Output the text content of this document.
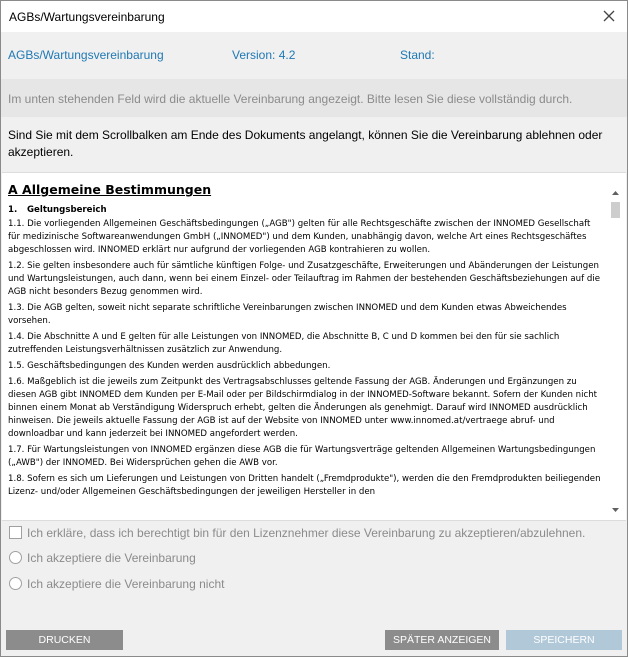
AGBs/Wartungsvereinbarung
AGBs/Wartungsvereinbarung	Version: 4.2	Stand:
Im unten stehenden Feld wird die aktuelle Vereinbarung angezeigt. Bitte lesen Sie diese vollständig durch.
Sind Sie mit dem Scrollbalken am Ende des Dokuments angelangt, können Sie die Vereinbarung ablehnen oder akzeptieren.
A Allgemeine Bestimmungen
1. Geltungsbereich

1.1. Die vorliegenden Allgemeinen Geschäftsbedingungen („AGB") gelten für alle Rechtsgeschäfte zwischen der INNOMED Gesellschaft für medizinische Softwareanwendungen GmbH („INNOMED") und dem Kunden, unabhängig davon, welche Art eines Rechtsgeschäftes abgeschlossen wird. INNOMED erklärt nur aufgrund der vorliegenden AGB kontrahieren zu wollen.

1.2. Sie gelten insbesondere auch für sämtliche künftigen Folge- und Zusatzgeschäfte, Erweiterungen und Abänderungen der Leistungen und Wartungsleistungen, auch dann, wenn bei einem Einzel- oder Teilauftrag im Rahmen der bestehenden Geschäftsbeziehungen auf die AGB nicht besonders Bezug genommen wird.

1.3. Die AGB gelten, soweit nicht separate schriftliche Vereinbarungen zwischen INNOMED und dem Kunden etwas Abweichendes vorsehen.

1.4. Die Abschnitte A und E gelten für alle Leistungen von INNOMED, die Abschnitte B, C und D kommen bei den für sie sachlich zutreffenden Leistungsverhältnissen zusätzlich zur Anwendung.

1.5. Geschäftsbedingungen des Kunden werden ausdrücklich abbedungen.

1.6. Maßgeblich ist die jeweils zum Zeitpunkt des Vertragsabschlusses geltende Fassung der AGB. Änderungen und Ergänzungen zu diesen AGB gibt INNOMED dem Kunden per E-Mail oder per Bildschirmdialog in der INNOMED-Software bekannt. Sofern der Kunden nicht binnen einem Monat ab Verständigung Widerspruch erhebt, gelten die Änderungen als genehmigt. Darauf wird INNOMED ausdrücklich hinweisen. Die jeweils aktuelle Fassung der AGB ist auf der Website von INNOMED unter www.innomed.at/vertraege abruf- und downloadbar und kann jederzeit bei INNOMED angefordert werden.

1.7. Für Wartungsleistungen von INNOMED ergänzen diese AGB die für Wartungsverträge geltenden Allgemeinen Wartungsbedingungen („AWB") der INNOMED. Bei Widersprüchen gehen die AWB vor.

1.8. Sofern es sich um Lieferungen und Leistungen von Dritten handelt („Fremdprodukte"), werden die den Fremdprodukten beiliegenden Lizenz- und/oder Allgemeinen Geschäftsbedingungen der jeweiligen Hersteller in den

Ich erkläre, dass ich berechtigt bin für den Lizenznehmer diese Vereinbarung zu akzeptieren/abzulehnen.
Ich akzeptiere die Vereinbarung
Ich akzeptiere die Vereinbarung nicht
DRUCKEN	SPÄTER ANZEIGEN	SPEICHERN
